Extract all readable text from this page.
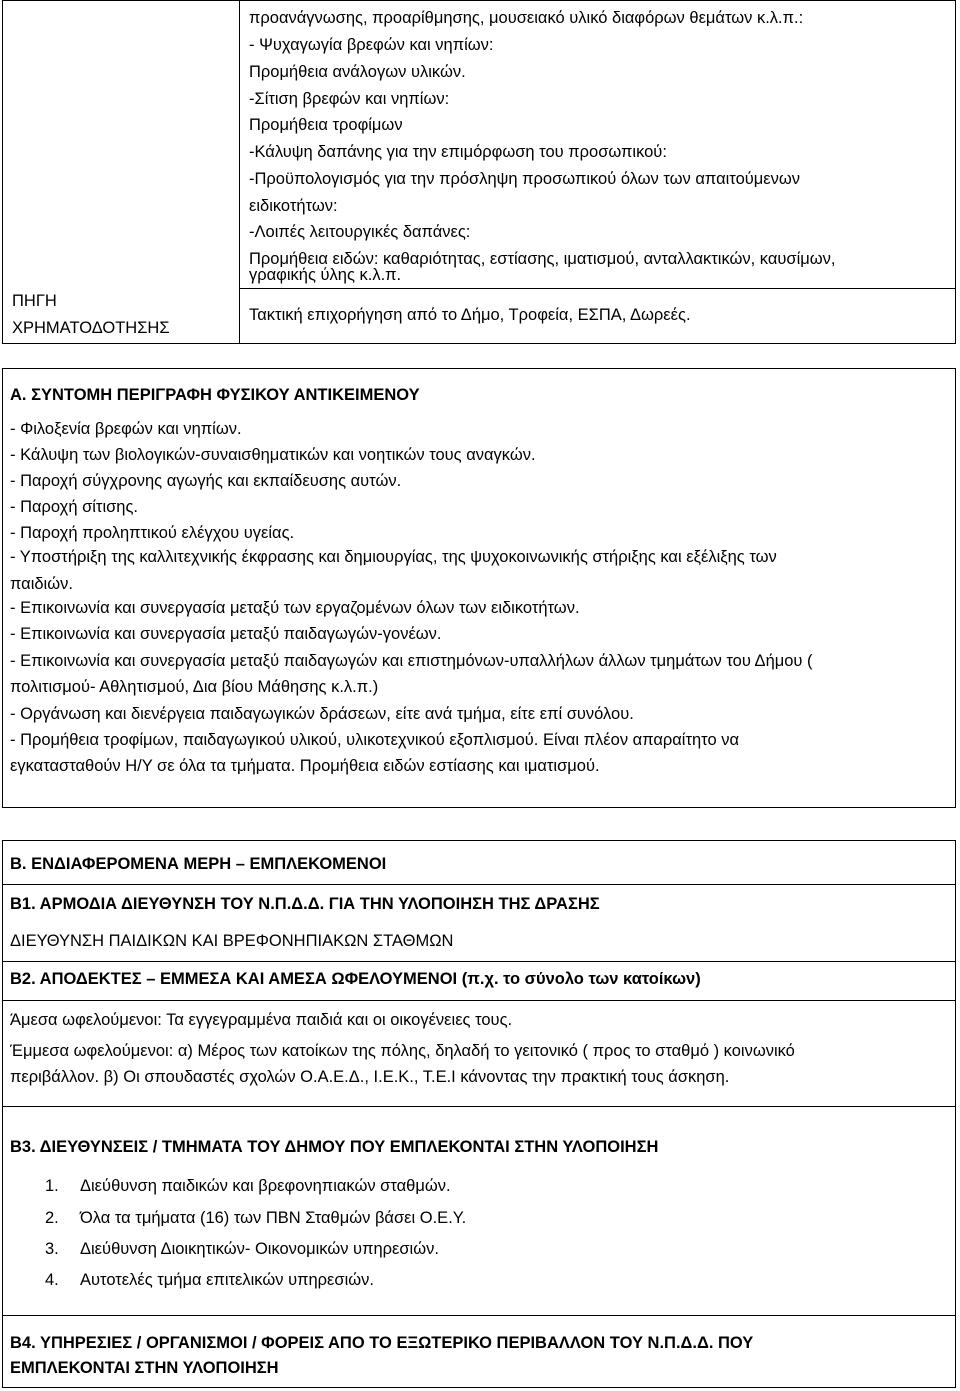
ΠΗΓΗ
ΧΡΗΜΑΤΟΔΟΤΗΣΗΣ
προανάγνωσης, προαρίθμησης, μουσειακό υλικό διαφόρων θεμάτων κ.λ.π.:
- Ψυχαγωγία βρεφών και νηπίων:
Προμήθεια ανάλογων υλικών.
-Σίτιση βρεφών και νηπίων:
Προμήθεια τροφίμων
-Κάλυψη δαπάνης για την επιμόρφωση του προσωπικού:
-Προϋπολογισμός για την πρόσληψη προσωπικού όλων των απαιτούμενων
ειδικοτήτων:
-Λοιπές λειτουργικές δαπάνες:
Προμήθεια ειδών: καθαριότητας, εστίασης, ιματισμού, ανταλλακτικών, καυσίμων,
γραφικής ύλης κ.λ.π.
Τακτική επιχορήγηση από το Δήμο, Τροφεία, ΕΣΠΑ, Δωρεές.
Α. ΣΥΝΤΟΜΗ ΠΕΡΙΓΡΑΦΗ ΦΥΣΙΚΟΥ ΑΝΤΙΚΕΙΜΕΝΟΥ
- Φιλοξενία βρεφών και νηπίων.
- Κάλυψη των βιολογικών-συναισθηματικών και νοητικών τους αναγκών.
- Παροχή σύγχρονης αγωγής και εκπαίδευσης αυτών.
- Παροχή σίτισης.
- Παροχή προληπτικού ελέγχου υγείας.
- Υποστήριξη της καλλιτεχνικής έκφρασης και δημιουργίας, της ψυχοκοινωνικής στήριξης και εξέλιξης των
παιδιών.
- Επικοινωνία και συνεργασία μεταξύ των εργαζομένων όλων των ειδικοτήτων.
- Επικοινωνία και συνεργασία μεταξύ παιδαγωγών-γονέων.
- Επικοινωνία και συνεργασία μεταξύ παιδαγωγών και επιστημόνων-υπαλλήλων άλλων τμημάτων του Δήμου (
πολιτισμού- Αθλητισμού, Δια βίου Μάθησης κ.λ.π.)
- Οργάνωση και διενέργεια παιδαγωγικών δράσεων, είτε ανά τμήμα, είτε επί συνόλου.
- Προμήθεια τροφίμων, παιδαγωγικού υλικού, υλικοτεχνικού εξοπλισμού. Είναι πλέον απαραίτητο να
εγκατασταθούν Η/Υ σε όλα τα τμήματα. Προμήθεια ειδών εστίασης και ιματισμού.
Β. ΕΝΔΙΑΦΕΡΟΜΕΝΑ ΜΕΡΗ – ΕΜΠΛΕΚΟΜΕΝΟΙ
Β1. ΑΡΜΟΔΙΑ ΔΙΕΥΘΥΝΣΗ ΤΟΥ Ν.Π.Δ.Δ. ΓΙΑ ΤΗΝ ΥΛΟΠΟΙΗΣΗ ΤΗΣ ΔΡΑΣΗΣ
ΔΙΕΥΘΥΝΣΗ ΠΑΙΔΙΚΩΝ ΚΑΙ ΒΡΕΦΟΝΗΠΙΑΚΩΝ ΣΤΑΘΜΩΝ
Β2. ΑΠΟΔΕΚΤΕΣ – ΕΜΜΕΣΑ ΚΑΙ ΑΜΕΣΑ ΩΦΕΛΟΥΜΕΝΟΙ (π.χ. το σύνολο των κατοίκων)
Άμεσα ωφελούμενοι: Τα εγγεγραμμένα παιδιά και οι οικογένειες τους.
Έμμεσα ωφελούμενοι: α) Μέρος των κατοίκων της πόλης, δηλαδή το γειτονικό ( προς το σταθμό ) κοινωνικό
περιβάλλον. β) Οι σπουδαστές σχολών Ο.Α.Ε.Δ., Ι.Ε.Κ., Τ.Ε.Ι κάνοντας την πρακτική τους άσκηση.
Β3. ΔΙΕΥΘΥΝΣΕΙΣ / ΤΜΗΜΑΤΑ ΤΟΥ ΔΗΜΟΥ ΠΟΥ ΕΜΠΛΕΚΟΝΤΑΙ ΣΤΗΝ ΥΛΟΠΟΙΗΣΗ
1. Διεύθυνση παιδικών και βρεφονηπιακών σταθμών.
2. Όλα τα τμήματα (16) των ΠΒΝ Σταθμών βάσει Ο.Ε.Υ.
3. Διεύθυνση Διοικητικών- Οικονομικών υπηρεσιών.
4. Αυτοτελές τμήμα επιτελικών υπηρεσιών.
Β4. ΥΠΗΡΕΣΙΕΣ / ΟΡΓΑΝΙΣΜΟΙ / ΦΟΡΕΙΣ ΑΠΟ ΤΟ ΕΞΩΤΕΡΙΚΟ ΠΕΡΙΒΑΛΛΟΝ ΤΟΥ Ν.Π.Δ.Δ. ΠΟΥ
ΕΜΠΛΕΚΟΝΤΑΙ ΣΤΗΝ ΥΛΟΠΟΙΗΣΗ
